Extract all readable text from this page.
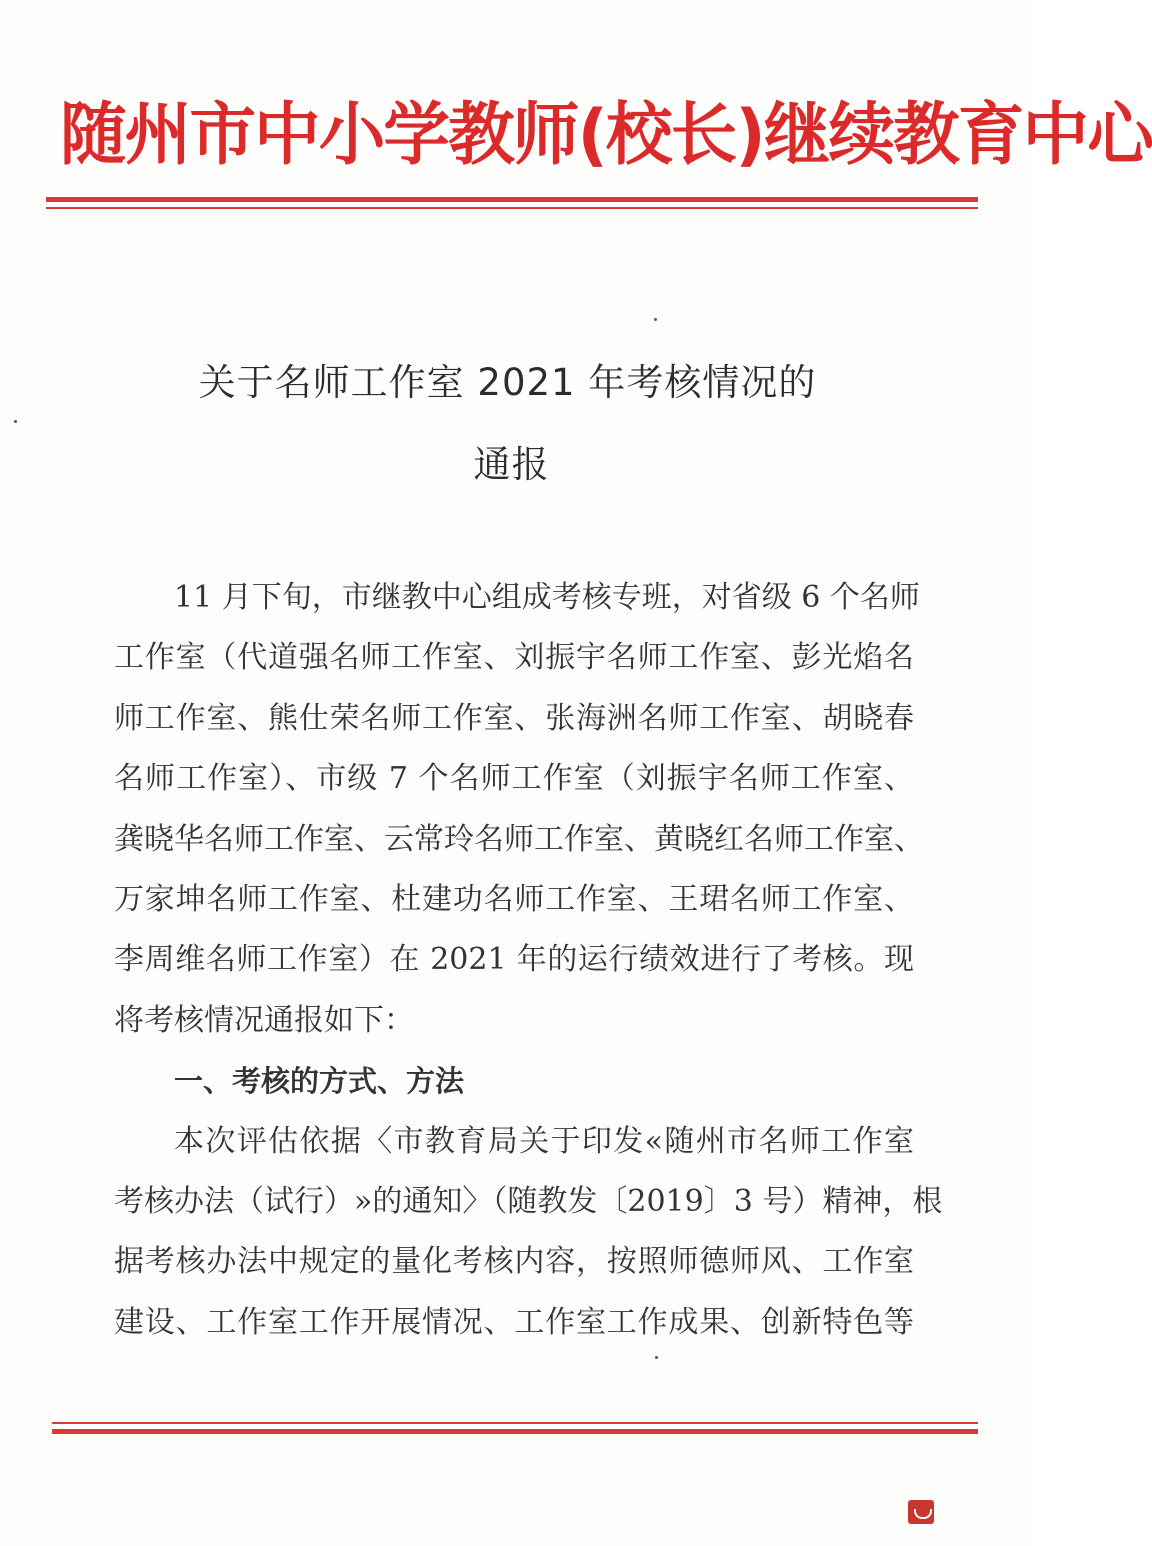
随州市中小学教师(校长)继续教育中心
关于名师工作室 2021 年考核情况的
通报
11 月下旬，市继教中心组成考核专班，对省级 6 个名师
工作室（代道强名师工作室、刘振宇名师工作室、彭光焰名
师工作室、熊仕荣名师工作室、张海洲名师工作室、胡晓春
名师工作室）、市级 7 个名师工作室（刘振宇名师工作室、
龚晓华名师工作室、云常玲名师工作室、黄晓红名师工作室、
万家坤名师工作室、杜建功名师工作室、王珺名师工作室、
李周维名师工作室）在 2021 年的运行绩效进行了考核。现
将考核情况通报如下：
一、考核的方式、方法
本次评估依据〈市教育局关于印发«随州市名师工作室
考核办法（试行）»的通知〉（随教发〔2019〕3 号）精神，根
据考核办法中规定的量化考核内容，按照师德师风、工作室
建设、工作室工作开展情况、工作室工作成果、创新特色等
